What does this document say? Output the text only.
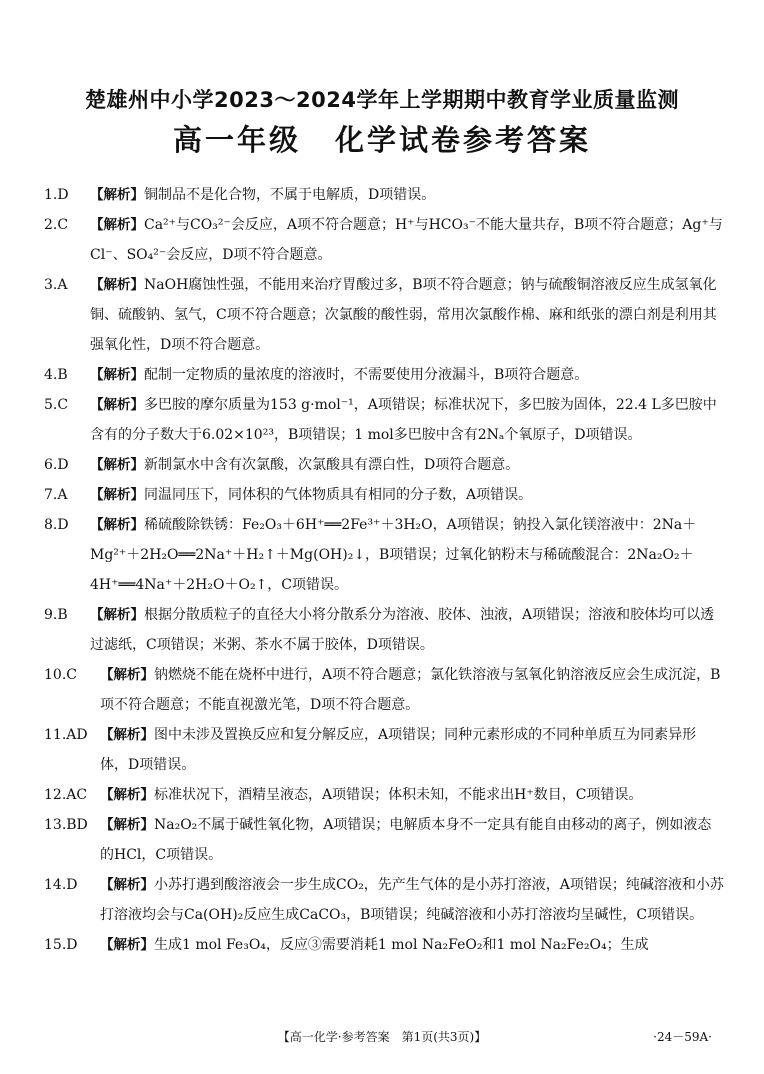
楚雄州中小学2023～2024学年上学期期中教育学业质量监测
高一年级 化学试卷参考答案
1.D 【解析】铜制品不是化合物，不属于电解质，D项错误。
2.C 【解析】Ca²⁺与CO₃²⁻会反应，A项不符合题意；H⁺与HCO₃⁻不能大量共存，B项不符合题意；Ag⁺与Cl⁻、SO₄²⁻会反应，D项不符合题意。
3.A 【解析】NaOH腐蚀性强，不能用来治疗胃酸过多，B项不符合题意；钠与硫酸铜溶液反应生成氢氧化铜、硫酸钠、氢气，C项不符合题意；次氯酸的酸性弱，常用次氯酸作棉、麻和纸张的漂白剂是利用其强氧化性，D项不符合题意。
4.B 【解析】配制一定物质的量浓度的溶液时，不需要使用分液漏斗，B项符合题意。
5.C 【解析】多巴胺的摩尔质量为153 g·mol⁻¹，A项错误；标准状况下，多巴胺为固体，22.4 L多巴胺中含有的分子数大于6.02×10²³，B项错误；1 mol多巴胺中含有2Nₐ个氧原子，D项错误。
6.D 【解析】新制氯水中含有次氯酸，次氯酸具有漂白性，D项符合题意。
7.A 【解析】同温同压下，同体积的气体物质具有相同的分子数，A项错误。
8.D 【解析】稀硫酸除铁锈：Fe₂O₃＋6H⁺══2Fe³⁺＋3H₂O，A项错误；钠投入氯化镁溶液中：2Na＋Mg²⁺＋2H₂O══2Na⁺＋H₂↑＋Mg(OH)₂↓，B项错误；过氧化钠粉末与稀硫酸混合：2Na₂O₂＋4H⁺══4Na⁺＋2H₂O＋O₂↑，C项错误。
9.B 【解析】根据分散质粒子的直径大小将分散系分为溶液、胶体、浊液，A项错误；溶液和胶体均可以透过滤纸，C项错误；米粥、茶水不属于胶体，D项错误。
10.C 【解析】钠燃烧不能在烧杯中进行，A项不符合题意；氯化铁溶液与氢氧化钠溶液反应会生成沉淀，B项不符合题意；不能直视激光笔，D项不符合题意。
11.AD 【解析】图中未涉及置换反应和复分解反应，A项错误；同种元素形成的不同种单质互为同素异形体，D项错误。
12.AC 【解析】标准状况下，酒精呈液态，A项错误；体积未知，不能求出H⁺数目，C项错误。
13.BD 【解析】Na₂O₂不属于碱性氧化物，A项错误；电解质本身不一定具有能自由移动的离子，例如液态的HCl，C项错误。
14.D 【解析】小苏打遇到酸溶液会一步生成CO₂，先产生气体的是小苏打溶液，A项错误；纯碱溶液和小苏打溶液均会与Ca(OH)₂反应生成CaCO₃，B项错误；纯碱溶液和小苏打溶液均呈碱性，C项错误。
15.D 【解析】生成1 mol Fe₃O₄，反应③需要消耗1 mol Na₂FeO₂和1 mol Na₂Fe₂O₄；生成
【高一化学·参考答案　第1页(共3页)】	·24－59A·
